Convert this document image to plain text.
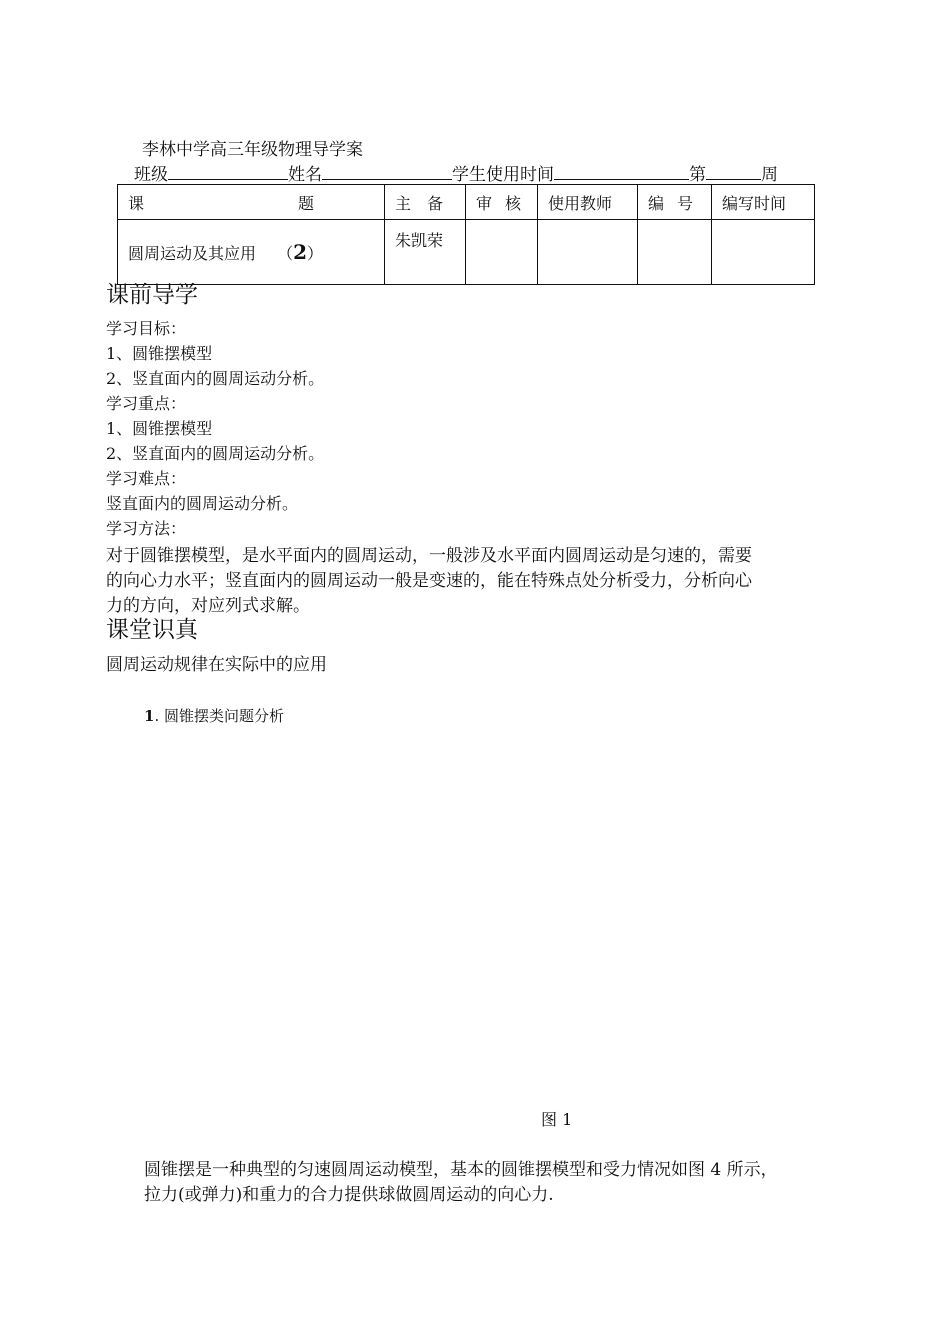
李林中学高三年级物理导学案
班级	姓名	学生使用时间	第	周
课 题	主 备	审 核	使用教师	编 号	编写时间
圆周运动及其应用 （2）	朱凯荣				
课前导学
学习目标：
1、圆锥摆模型
2、竖直面内的圆周运动分析。
学习重点：
1、圆锥摆模型
2、竖直面内的圆周运动分析。
学习难点：
竖直面内的圆周运动分析。
学习方法：
对于圆锥摆模型，是水平面内的圆周运动，一般涉及水平面内圆周运动是匀速的，需要
的向心力水平；竖直面内的圆周运动一般是变速的，能在特殊点处分析受力，分析向心
力的方向，对应列式求解。
课堂识真
圆周运动规律在实际中的应用
1. 圆锥摆类问题分析
图 1
圆锥摆是一种典型的匀速圆周运动模型，基本的圆锥摆模型和受力情况如图 4 所示，
拉力(或弹力)和重力的合力提供球做圆周运动的向心力.
